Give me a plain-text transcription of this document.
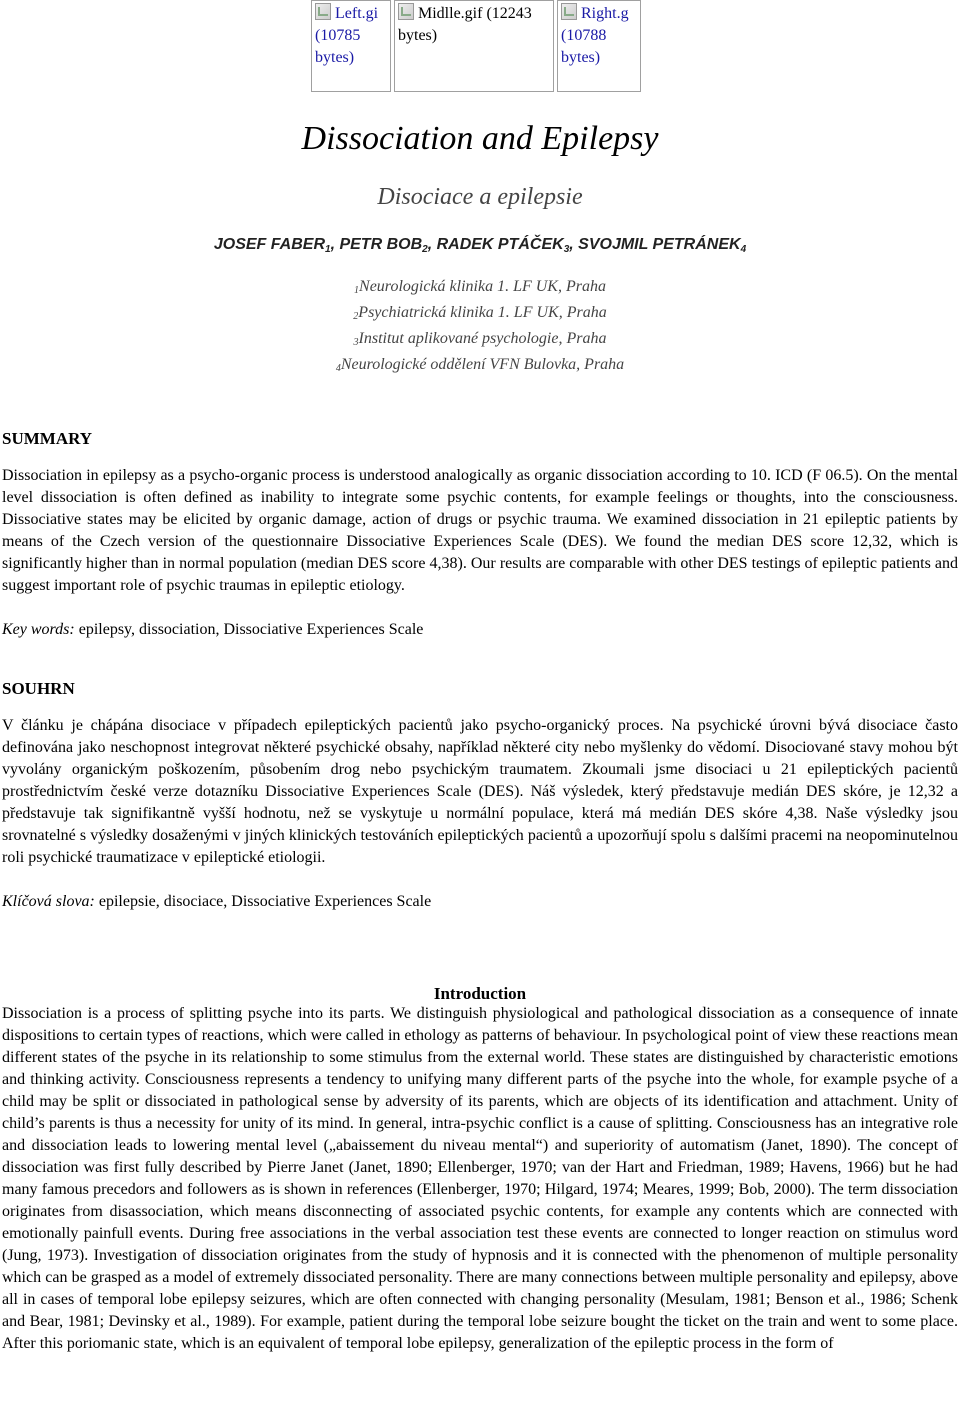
Left.gi (10785 bytes)
Midlle.gif (12243 bytes)
Right.g (10788 bytes)
Dissociation and Epilepsy
Disociace a epilepsie
JOSEF $FABER_1$, PETR $BOB_2$, RADEK $PTÁČEK_3$, SVOJMIL $PETRÁNEK_4$
$_1$Neurologická klinika 1. LF UK, Praha
$_2$Psychiatrická klinika 1. LF UK, Praha
$_3$Institut aplikované psychologie, Praha
$_4$Neurologické oddělení VFN Bulovka, Praha
SUMMARY

Dissociation in epilepsy as a psycho-organic process is understood analogically as organic dissociation according to 10. ICD (F 06.5). On the mental level dissociation is often defined as inability to integrate some psychic contents, for example feelings or thoughts, into the consciousness. Dissociative states may be elicited by organic damage, action of drugs or psychic trauma. We examined dissociation in 21 epileptic patients by means of the Czech version of the questionnaire Dissociative Experiences Scale (DES). We found the median DES score 12,32, which is significantly higher than in normal population (median DES score 4,38). Our results are comparable with other DES testings of epileptic patients and suggest important role of psychic traumas in epileptic etiology.

Key words: epilepsy, dissociation, Dissociative Experiences Scale
SOUHRN

V článku je chápána disociace v případech epileptických pacientů jako psycho-organický proces. Na psychické úrovni bývá disociace často definována jako neschopnost integrovat některé psychické obsahy, například některé city nebo myšlenky do vědomí. Disociované stavy mohou být vyvolány organickým poškozením, působením drog nebo psychickým traumatem. Zkoumali jsme disociaci u 21 epileptických pacientů prostřednictvím české verze dotazníku Dissociative Experiences Scale (DES). Náš výsledek, který představuje medián DES skóre, je 12,32 a představuje tak signifikantně vyšší hodnotu, než se vyskytuje u normální populace, která má medián DES skóre 4,38. Naše výsledky jsou srovnatelné s výsledky dosaženými v jiných klinických testováních epileptických pacientů a upozorňují spolu s dalšími pracemi na neopominutelnou roli psychické traumatizace v epileptické etiologii.

Klíčová slova: epilepsie, disociace, Dissociative Experiences Scale
Introduction

Dissociation is a process of splitting psyche into its parts. We distinguish physiological and pathological dissociation as a consequence of innate dispositions to certain types of reactions, which were called in ethology as patterns of behaviour. In psychological point of view these reactions mean different states of the psyche in its relationship to some stimulus from the external world. These states are distinguished by characteristic emotions and thinking activity. Consciousness represents a tendency to unifying many different parts of the psyche into the whole, for example psyche of a child may be split or dissociated in pathological sense by adversity of its parents, which are objects of its identification and attachment. Unity of child’s parents is thus a necessity for unity of its mind. In general, intra-psychic conflict is a cause of splitting. Consciousness has an integrative role and dissociation leads to lowering mental level („abaissement du niveau mental“) and superiority of automatism (Janet, 1890). The concept of dissociation was first fully described by Pierre Janet (Janet, 1890; Ellenberger, 1970; van der Hart and Friedman, 1989; Havens, 1966) but he had many famous precedors and followers as is shown in references (Ellenberger, 1970; Hilgard, 1974; Meares, 1999; Bob, 2000). The term dissociation originates from disassociation, which means disconnecting of associated psychic contents, for example any contents which are connected with emotionally painfull events. During free associations in the verbal association test these events are connected to longer reaction on stimulus word (Jung, 1973). Investigation of dissociation originates from the study of hypnosis and it is connected with the phenomenon of multiple personality which can be grasped as a model of extremely dissociated personality. There are many connections between multiple personality and epilepsy, above all in cases of temporal lobe epilepsy seizures, which are often connected with changing personality (Mesulam, 1981; Benson et al., 1986; Schenk and Bear, 1981; Devinsky et al., 1989). For example, patient during the temporal lobe seizure bought the ticket on the train and went to some place. After this poriomanic state, which is an equivalent of temporal lobe epilepsy, generalization of the epileptic process in the form of
